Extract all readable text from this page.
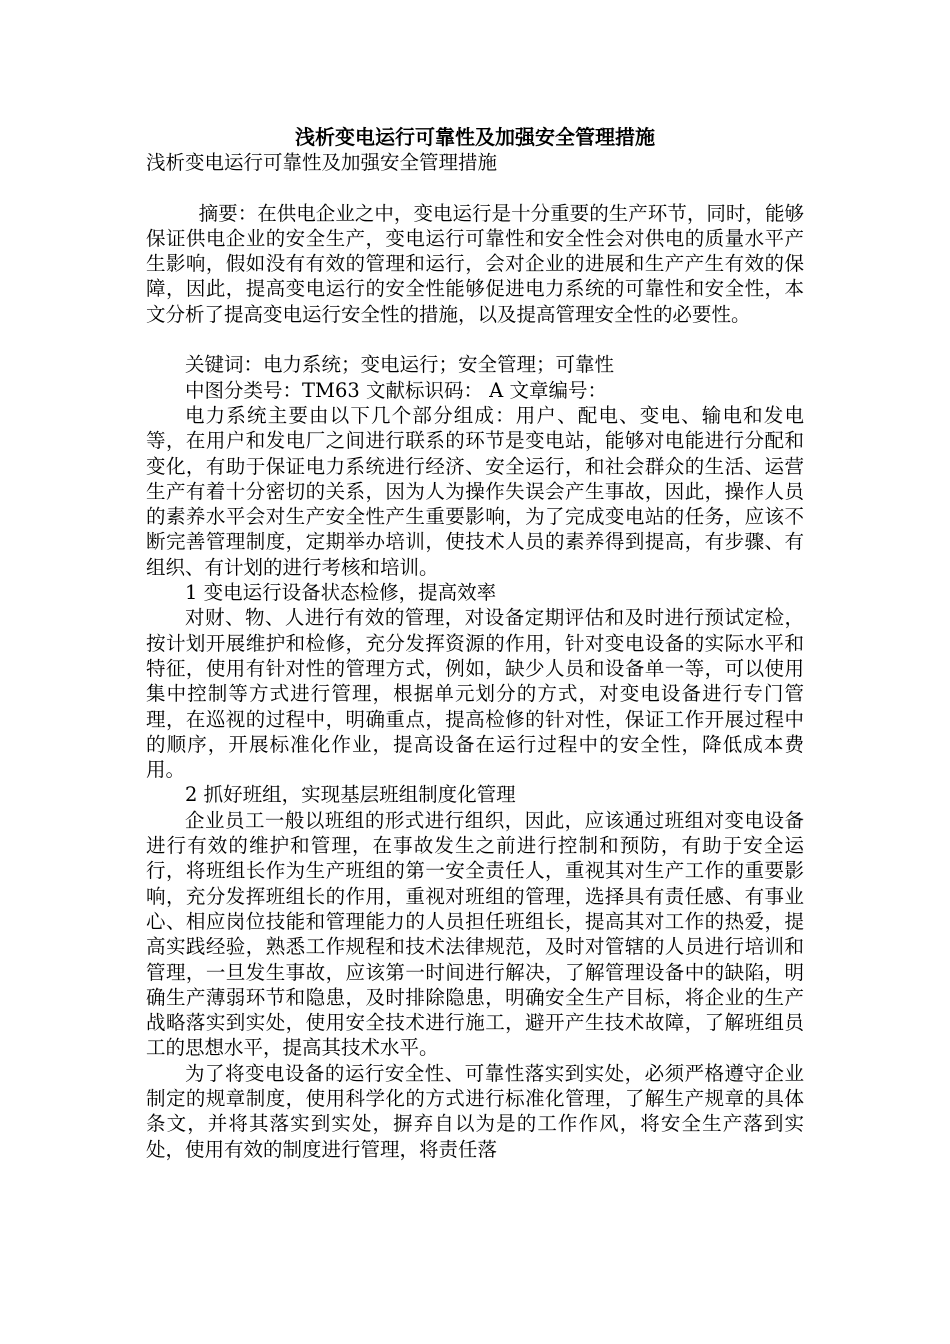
浅析变电运行可靠性及加强安全管理措施

浅析变电运行可靠性及加强安全管理措施

摘要：在供电企业之中，变电运行是十分重要的生产环节，同时，能够保证供电企业的安全生产，变电运行可靠性和安全性会对供电的质量水平产生影响，假如没有有效的管理和运行，会对企业的进展和生产产生有效的保障，因此，提高变电运行的安全性能够促进电力系统的可靠性和安全性，本文分析了提高变电运行安全性的措施，以及提高管理安全性的必要性。

关键词：电力系统；变电运行；安全管理；可靠性

中图分类号：TM63 文献标识码： A 文章编号：

电力系统主要由以下几个部分组成：用户、配电、变电、输电和发电等，在用户和发电厂之间进行联系的环节是变电站，能够对电能进行分配和变化，有助于保证电力系统进行经济、安全运行，和社会群众的生活、运营生产有着十分密切的关系，因为人为操作失误会产生事故，因此，操作人员的素养水平会对生产安全性产生重要影响，为了完成变电站的任务，应该不断完善管理制度，定期举办培训，使技术人员的素养得到提高，有步骤、有组织、有计划的进行考核和培训。

1 变电运行设备状态检修，提高效率

对财、物、人进行有效的管理，对设备定期评估和及时进行预试定检，按计划开展维护和检修，充分发挥资源的作用，针对变电设备的实际水平和特征，使用有针对性的管理方式，例如，缺少人员和设备单一等，可以使用集中控制等方式进行管理，根据单元划分的方式，对变电设备进行专门管理，在巡视的过程中，明确重点，提高检修的针对性，保证工作开展过程中的顺序，开展标准化作业，提高设备在运行过程中的安全性，降低成本费用。

2 抓好班组，实现基层班组制度化管理

企业员工一般以班组的形式进行组织，因此，应该通过班组对变电设备进行有效的维护和管理，在事故发生之前进行控制和预防，有助于安全运行，将班组长作为生产班组的第一安全责任人，重视其对生产工作的重要影响，充分发挥班组长的作用，重视对班组的管理，选择具有责任感、有事业心、相应岗位技能和管理能力的人员担任班组长，提高其对工作的热爱，提高实践经验，熟悉工作规程和技术法律规范，及时对管辖的人员进行培训和管理，一旦发生事故，应该第一时间进行解决，了解管理设备中的缺陷，明确生产薄弱环节和隐患，及时排除隐患，明确安全生产目标，将企业的生产战略落实到实处，使用安全技术进行施工，避开产生技术故障，了解班组员工的思想水平，提高其技术水平。

为了将变电设备的运行安全性、可靠性落实到实处，必须严格遵守企业制定的规章制度，使用科学化的方式进行标准化管理，了解生产规章的具体条文，并将其落实到实处，摒弃自以为是的工作作风，将安全生产落到实处，使用有效的制度进行管理，将责任落
